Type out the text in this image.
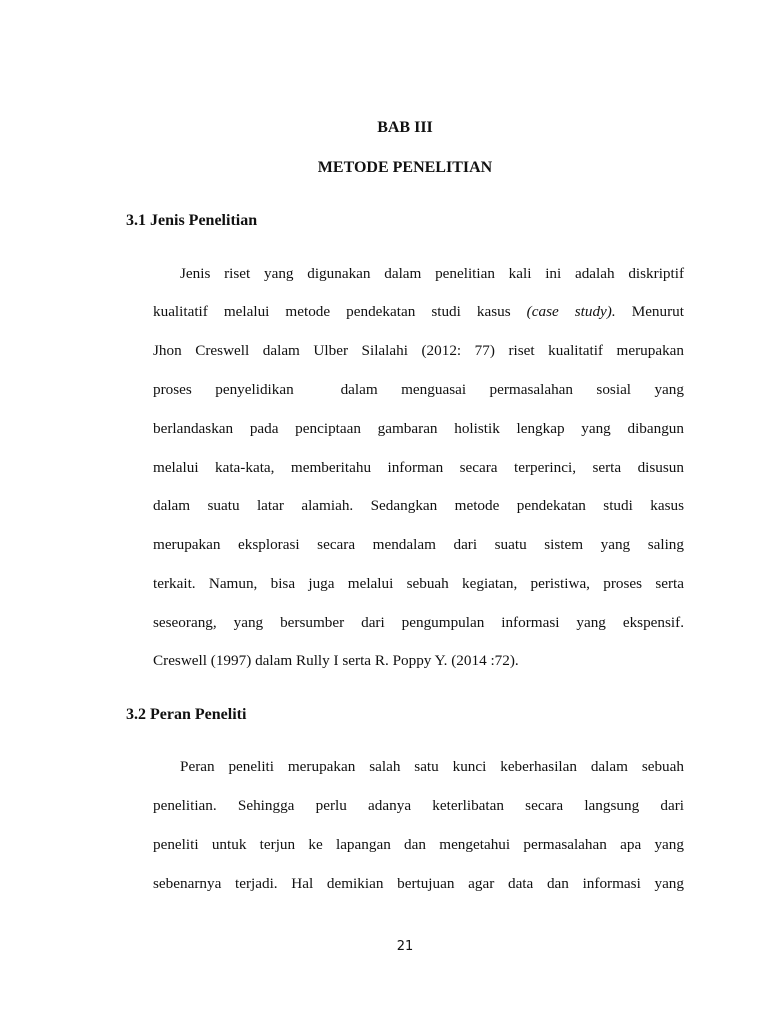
BAB III
METODE PENELITIAN
3.1 Jenis Penelitian

Jenis riset yang digunakan dalam penelitian kali ini adalah diskriptif

kualitatif melalui metode pendekatan studi kasus (case study). Menurut

Jhon Creswell dalam Ulber Silalahi (2012: 77) riset kualitatif merupakan

proses penyelidikan  dalam menguasai permasalahan sosial yang

berlandaskan pada penciptaan gambaran holistik lengkap yang dibangun

melalui kata-kata, memberitahu informan secara terperinci, serta disusun

dalam suatu latar alamiah. Sedangkan metode pendekatan studi kasus

merupakan eksplorasi secara mendalam dari suatu sistem yang saling

terkait. Namun, bisa juga melalui sebuah kegiatan, peristiwa, proses serta

seseorang, yang bersumber dari pengumpulan informasi yang ekspensif.

Creswell (1997) dalam Rully I serta R. Poppy Y. (2014 :72).

3.2 Peran Peneliti

Peran peneliti merupakan salah satu kunci keberhasilan dalam sebuah

penelitian. Sehingga perlu adanya keterlibatan secara langsung dari

peneliti untuk terjun ke lapangan dan mengetahui permasalahan apa yang

sebenarnya terjadi. Hal demikian bertujuan agar data dan informasi yang

21
